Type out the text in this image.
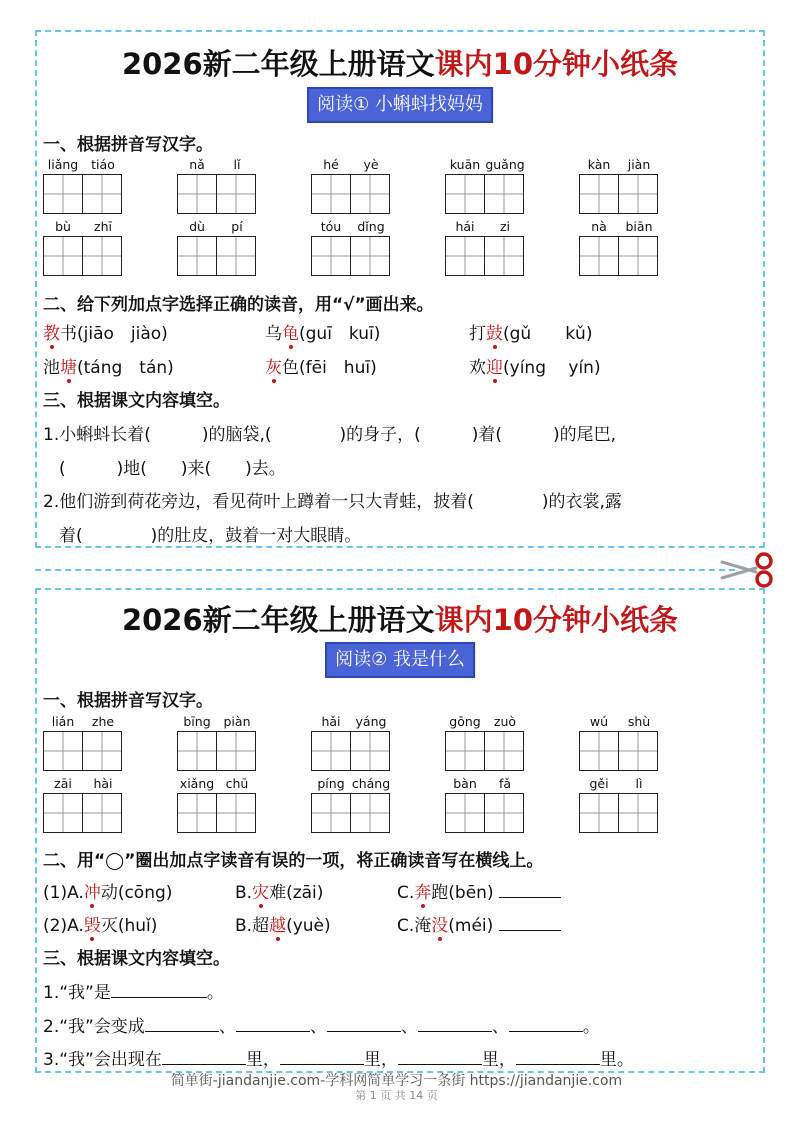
2026新二年级上册语文课内10分钟小纸条
阅读① 小蝌蚪找妈妈
一、根据拼音写汉字。
liǎng	tiáo	nǎ	lǐ	hé	yè	kuān guǎng	kàn	jiàn
bù	zhī	dù	pí	tóu	dǐng	hái	zi	nà	biān
二、给下列加点字选择正确的读音，用“√”画出来。
教书(jiāo　jiào)	乌龟(guī　kuī)	打鼓(gǔ　　kǔ)
池塘(táng　tán)	灰色(fēi　huī)	欢迎(yíng　 yín)
三、根据课文内容填空。
1.小蝌蚪长着(　　　)的脑袋,(　　　　)的身子，(　　　)着(　　　)的尾巴,
(　　　)地(　　)来(　　)去。
2.他们游到荷花旁边，看见荷叶上蹲着一只大青蛙，披着(　　　　)的衣裳,露
着(　　　　)的肚皮，鼓着一对大眼睛。
2026新二年级上册语文课内10分钟小纸条
阅读② 我是什么
一、根据拼音写汉字。
lián	zhe	bīng	piàn	hǎi	yáng	gōng	zuò	wú	shù
zāi	hài	xiǎng chū	píng cháng	bàn	fǎ	gěi	lì
二、用“◯”圈出加点字读音有误的一项，将正确读音写在横线上。
(1)A.冲动(cōng)	B.灾难(zāi)	C.奔跑(bēn)
(2)A.毁灭(huǐ)	B.超越(yuè)	C.淹没(méi)
三、根据课文内容填空。
1.“我”是	。
2.“我”会变成	、	、	、	、	。
3.“我”会出现在	里，	里，	里，	里。
简单街-jiandanjie.com-学科网简单学习一条街 https://jiandanjie.com
第 1 页 共 14 页
